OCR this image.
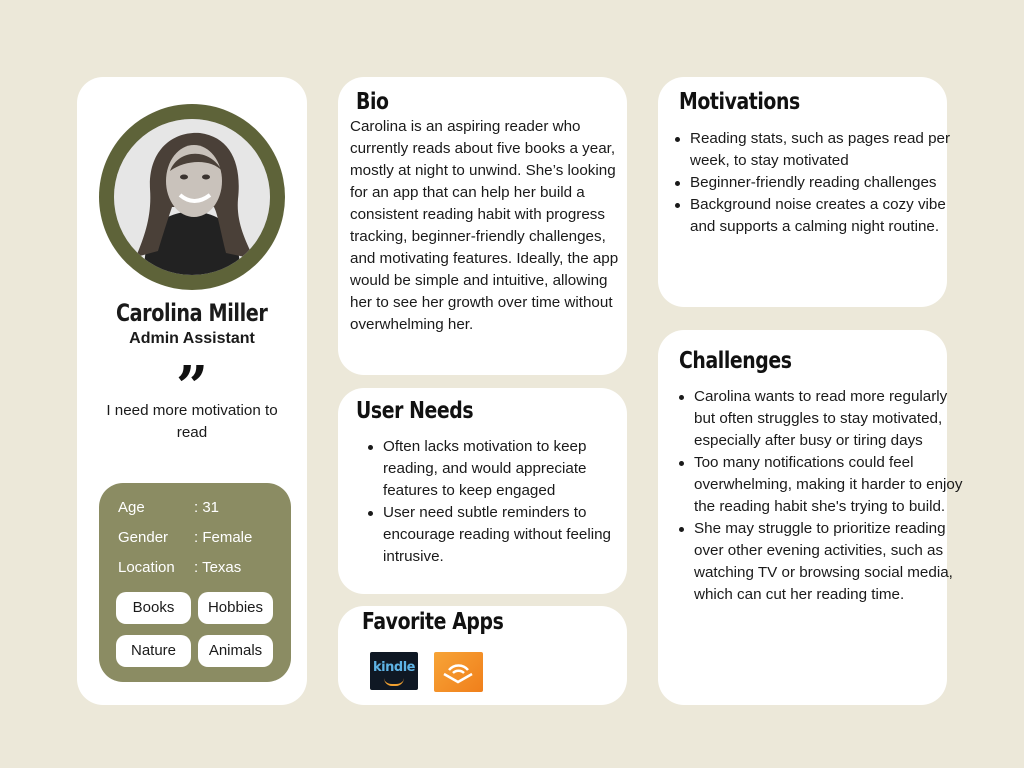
Carolina Miller
Admin Assistant
”
I need more motivation to read
Age	: 31
Gender : Female
Location : Texas
Books	Hobbies
Nature	Animals
Bio
Carolina is an aspiring reader who currently reads about five books a year, mostly at night to unwind. She’s looking for an app that can help her build a consistent reading habit with progress tracking, beginner-friendly challenges, and motivating features. Ideally, the app would be simple and intuitive, allowing her to see her growth over time without overwhelming her.
User Needs
Often lacks motivation to keep reading, and would appreciate features to keep engaged
User need subtle reminders to encourage reading without feeling intrusive.
Favorite Apps
kindle
Motivations
Reading stats, such as pages read per week, to stay motivated
Beginner-friendly reading challenges
Background noise creates a cozy vibe and supports a calming night routine.
Challenges
Carolina wants to read more regularly but often struggles to stay motivated, especially after busy or tiring days
Too many notifications could feel overwhelming, making it harder to enjoy the reading habit she's trying to build.
She may struggle to prioritize reading over other evening activities, such as watching TV or browsing social media, which can cut her reading time.
